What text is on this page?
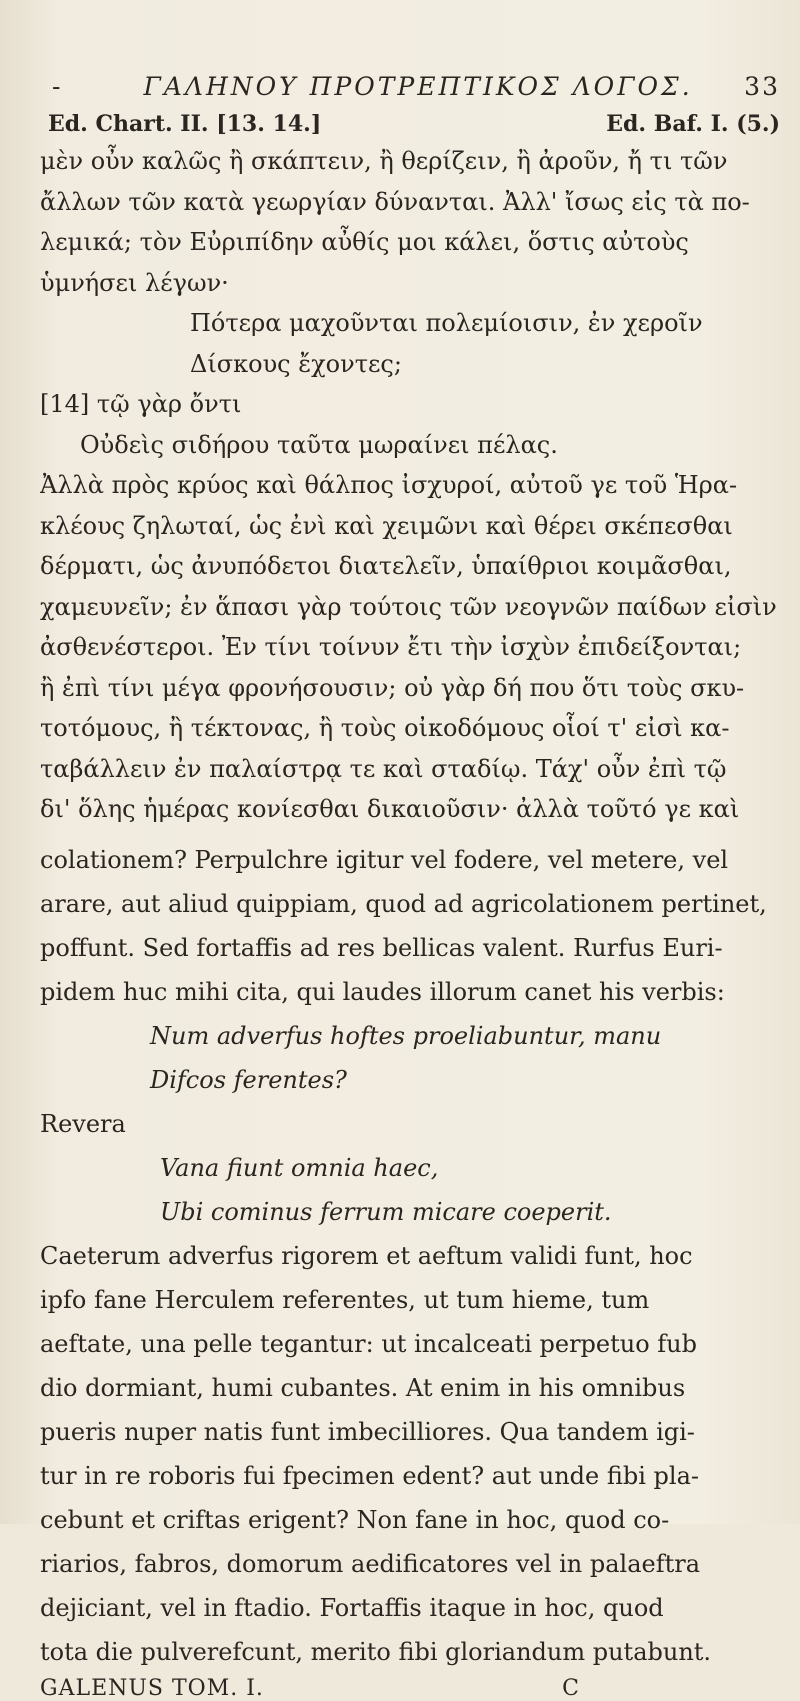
-	ΓΑΛΗΝΟΥ ΠΡΟΤΡΕΠΤΙΚΟΣ ΛΟΓΟΣ. 33
Ed. Chart. II. [13. 14.]	Ed. Baf. I. (5.)
μὲν οὖν καλῶς ἢ σκάπτειν, ἢ θερίζειν, ἢ ἀροῦν, ἤ τι τῶν
ἄλλων τῶν κατὰ γεωργίαν δύνανται. Ἀλλ' ἴσως εἰς τὰ πο-
λεμικά; τὸν Εὐριπίδην αὖθίς μοι κάλει, ὅστις αὐτοὺς
ὑμνήσει λέγων·
Πότερα μαχοῦνται πολεμίοισιν, ἐν χεροῖν
Δίσκους ἔχοντες;
[14] τῷ γὰρ ὄντι
Οὐδεὶς σιδήρου ταῦτα μωραίνει πέλας.
Ἀλλὰ πρὸς κρύος καὶ θάλπος ἰσχυροί, αὐτοῦ γε τοῦ Ἡρα-
κλέους ζηλωταί, ὡς ἐνὶ καὶ χειμῶνι καὶ θέρει σκέπεσθαι
δέρματι, ὡς ἀνυπόδετοι διατελεῖν, ὑπαίθριοι κοιμᾶσθαι,
χαμευνεῖν; ἐν ἅπασι γὰρ τούτοις τῶν νεογνῶν παίδων εἰσὶν
ἀσθενέστεροι. Ἐν τίνι τοίνυν ἔτι τὴν ἰσχὺν ἐπιδείξονται;
ἢ ἐπὶ τίνι μέγα φρονήσουσιν; οὐ γὰρ δή που ὅτι τοὺς σκυ-
τοτόμους, ἢ τέκτονας, ἢ τοὺς οἰκοδόμους οἷοί τ' εἰσὶ κα-
ταβάλλειν ἐν παλαίστρᾳ τε καὶ σταδίῳ. Τάχ' οὖν ἐπὶ τῷ
δι' ὅλης ἡμέρας κονίεσθαι δικαιοῦσιν· ἀλλὰ τοῦτό γε καὶ
colationem? Perpulchre igitur vel fodere, vel metere, vel
arare, aut aliud quippiam, quod ad agricolationem pertinet,
poffunt. Sed fortaffis ad res bellicas valent. Rurfus Euri-
pidem huc mihi cita, qui laudes illorum canet his verbis:
Num adverfus hoftes proeliabuntur, manu
Difcos ferentes?
Revera
Vana fiunt omnia haec,
Ubi cominus ferrum micare coeperit.
Caeterum adverfus rigorem et aeftum validi funt, hoc
ipfo fane Herculem referentes, ut tum hieme, tum
aeftate, una pelle tegantur: ut incalceati perpetuo fub
dio dormiant, humi cubantes. At enim in his omnibus
pueris nuper natis funt imbecilliores. Qua tandem igi-
tur in re roboris fui fpecimen edent? aut unde fibi pla-
cebunt et criftas erigent? Non fane in hoc, quod co-
riarios, fabros, domorum aedificatores vel in palaeftra
dejiciant, vel in ftadio. Fortaffis itaque in hoc, quod
tota die pulverefcunt, merito fibi gloriandum putabunt.
GALENUS TOM. I.	C
